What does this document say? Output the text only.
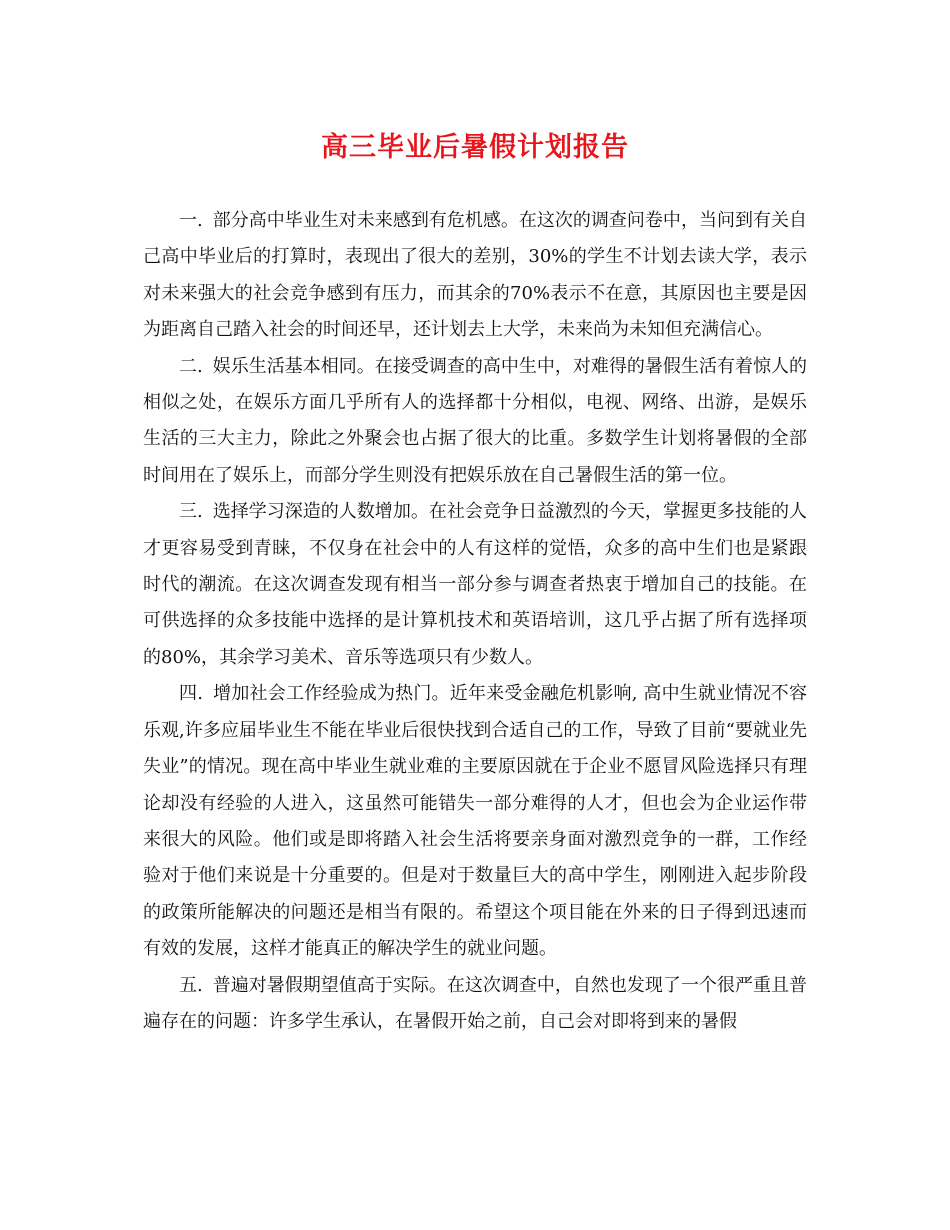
高三毕业后暑假计划报告

一. 部分高中毕业生对未来感到有危机感。在这次的调查问卷中，当问到有关自己高中毕业后的打算时，表现出了很大的差别，30%的学生不计划去读大学，表示对未来强大的社会竞争感到有压力，而其余的70%表示不在意，其原因也主要是因为距离自己踏入社会的时间还早，还计划去上大学，未来尚为未知但充满信心。

二. 娱乐生活基本相同。在接受调查的高中生中，对难得的暑假生活有着惊人的相似之处，在娱乐方面几乎所有人的选择都十分相似，电视、网络、出游，是娱乐生活的三大主力，除此之外聚会也占据了很大的比重。多数学生计划将暑假的全部时间用在了娱乐上，而部分学生则没有把娱乐放在自己暑假生活的第一位。

三. 选择学习深造的人数增加。在社会竞争日益激烈的今天，掌握更多技能的人才更容易受到青睐，不仅身在社会中的人有这样的觉悟，众多的高中生们也是紧跟时代的潮流。在这次调查发现有相当一部分参与调查者热衷于增加自己的技能。在可供选择的众多技能中选择的是计算机技术和英语培训，这几乎占据了所有选择项的80%，其余学习美术、音乐等选项只有少数人。

四. 增加社会工作经验成为热门。近年来受金融危机影响, 高中生就业情况不容乐观,许多应届毕业生不能在毕业后很快找到合适自己的工作，导致了目前“要就业先失业”的情况。现在高中毕业生就业难的主要原因就在于企业不愿冒风险选择只有理论却没有经验的人进入，这虽然可能错失一部分难得的人才，但也会为企业运作带来很大的风险。他们或是即将踏入社会生活将要亲身面对激烈竞争的一群，工作经验对于他们来说是十分重要的。但是对于数量巨大的高中学生，刚刚进入起步阶段的政策所能解决的问题还是相当有限的。希望这个项目能在外来的日子得到迅速而有效的发展，这样才能真正的解决学生的就业问题。

五. 普遍对暑假期望值高于实际。在这次调查中，自然也发现了一个很严重且普遍存在的问题：许多学生承认，在暑假开始之前，自己会对即将到来的暑假
